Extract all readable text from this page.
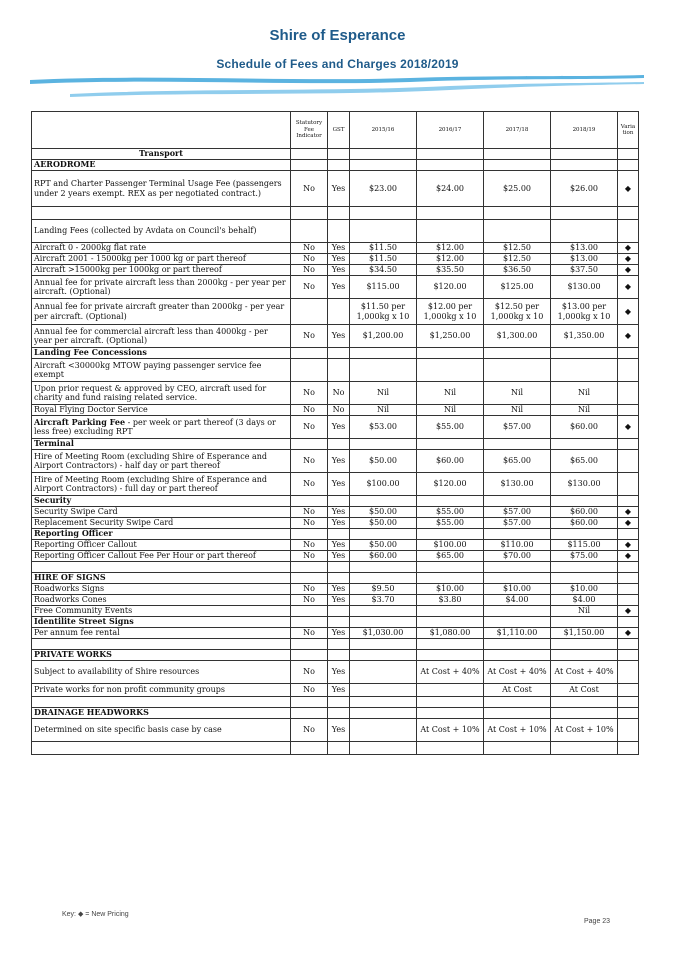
Shire of Esperance
Schedule of Fees and Charges 2018/2019
	Statutory Fee Indicator	GST	2015/16	2016/17	2017/18	2018/19	Varia tion
Transport							
AERODROME							
RPT and Charter Passenger Terminal Usage Fee (passengers under 2 years exempt. REX as per negotiated contract.)	No	Yes	$23.00	$24.00	$25.00	$26.00	◆

Landing Fees (collected by Avdata on Council's behalf)							
Aircraft 0 - 2000kg flat rate	No	Yes	$11.50	$12.00	$12.50	$13.00	◆
Aircraft 2001 - 15000kg per 1000 kg or part thereof	No	Yes	$11.50	$12.00	$12.50	$13.00	◆
Aircraft >15000kg per 1000kg or part thereof	No	Yes	$34.50	$35.50	$36.50	$37.50	◆
Annual fee for private aircraft less than 2000kg - per year per aircraft. (Optional)	No	Yes	$115.00	$120.00	$125.00	$130.00	◆
Annual fee for private aircraft greater than 2000kg - per year per aircraft. (Optional)			$11.50 per 1,000kg x 10	$12.00 per 1,000kg x 10	$12.50 per 1,000kg x 10	$13.00 per 1,000kg x 10	◆
Annual fee for commercial aircraft less than 4000kg - per year per aircraft. (Optional)	No	Yes	$1,200.00	$1,250.00	$1,300.00	$1,350.00	◆
Landing Fee Concessions							
Aircraft <30000kg MTOW paying passenger service fee exempt							
Upon prior request & approved by CEO, aircraft used for charity and fund raising related service.	No	No	Nil	Nil	Nil	Nil	
Royal Flying Doctor Service	No	No	Nil	Nil	Nil	Nil	
Aircraft Parking Fee - per week or part thereof (3 days or less free) excluding RPT	No	Yes	$53.00	$55.00	$57.00	$60.00	◆
Terminal							
Hire of Meeting Room (excluding Shire of Esperance and Airport Contractors) - half day or part thereof	No	Yes	$50.00	$60.00	$65.00	$65.00	
Hire of Meeting Room (excluding Shire of Esperance and Airport Contractors) - full day or part thereof	No	Yes	$100.00	$120.00	$130.00	$130.00	
Security							
Security Swipe Card	No	Yes	$50.00	$55.00	$57.00	$60.00	◆
Replacement Security Swipe Card	No	Yes	$50.00	$55.00	$57.00	$60.00	◆
Reporting Officer							
Reporting Officer Callout	No	Yes	$50.00	$100.00	$110.00	$115.00	◆
Reporting Officer Callout Fee Per Hour or part thereof	No	Yes	$60.00	$65.00	$70.00	$75.00	◆

HIRE OF SIGNS							
Roadworks Signs	No	Yes	$9.50	$10.00	$10.00	$10.00	
Roadworks Cones	No	Yes	$3.70	$3.80	$4.00	$4.00	
Free Community Events						Nil	◆
Identilite Street Signs							
Per annum fee rental	No	Yes	$1,030.00	$1,080.00	$1,110.00	$1,150.00	◆

PRIVATE WORKS							
Subject to availability of Shire resources	No	Yes		At Cost + 40%	At Cost + 40%	At Cost + 40%	
Private works for non profit community groups	No	Yes			At Cost	At Cost	

DRAINAGE HEADWORKS							
Determined on site specific basis case by case	No	Yes		At Cost + 10%	At Cost + 10%	At Cost + 10%	

Key: ◆ = New Pricing
Page 23
